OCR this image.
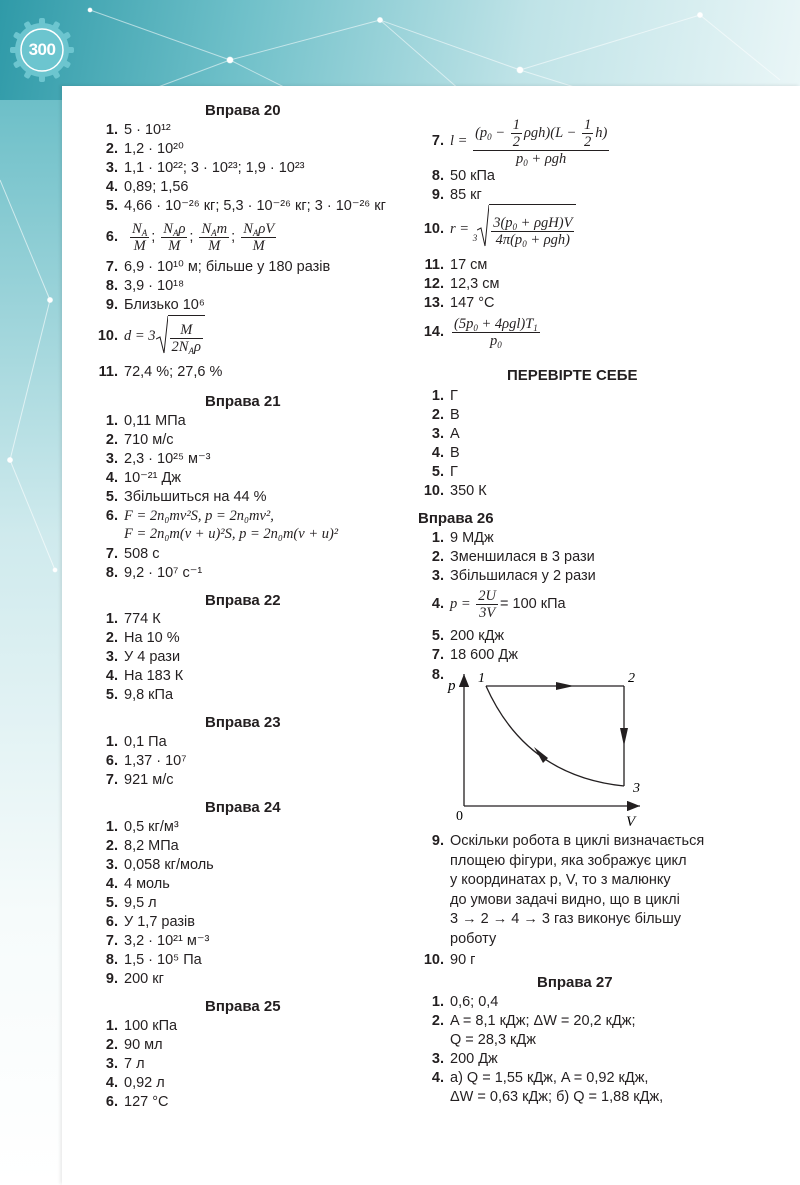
300
Вправа 20
1. 5 · 10¹²
2. 1,2 · 10²⁰
3. 1,1 · 10²²; 3 · 10²³; 1,9 · 10²³
4. 0,89; 1,56
5. 4,66 · 10⁻²⁶ кг; 5,3 · 10⁻²⁶ кг; 3 · 10⁻²⁶ кг
6. $\frac{N_A}{M}$ ;
$N_A\rho$
M
;
$N_Am$
M
;
$N_A\rho V$
M
7. 6,9 · 10¹⁰ м; більше у 180 разів
8. 3,9 · 10¹⁸
9. Близько 10⁶
10. d = 3	M
$2N_A\rho$
11. 72,4 %; 27,6 %
Вправа 21
1. 0,11 МПа
2. 710 м/с
3. 2,3 · 10²⁵ м⁻³
4. 10⁻²¹ Дж
5. Збільшиться на 44 %
6. F = 2n₀mv²S, p = 2n₀mv²,
F = 2n₀m(v + u)²S, p = 2n₀m(v + u)²
7. 508 с
8. 9,2 · 10⁷ с⁻¹
Вправа 22
1. 774 К
2. На 10 %
3. У 4 рази
4. На 183 К
5. 9,8 кПа
Вправа 23
1. 0,1 Па
6. 1,37 · 10⁷
7. 921 м/с
Вправа 24
1. 0,5 кг/м³
2. 8,2 МПа
3. 0,058 кг/моль
4. 4 моль
5. 9,5 л
6. У 1,7 разів
7. 3,2 · 10²¹ м⁻³
8. 1,5 · 10⁵ Па
9. 200 кг
Вправа 25
1. 100 кПа
2. 90 мл
3. 7 л
4. 0,92 л
6. 127 °С
7. l =
$(p_0 - \frac{1}{2} \rho gh)(L - \frac{1}{2} h)$
$p_0 + \rho gh$
8. 50 кПа
9. 85 кг
10. r = $_3$
$3(p_0 + \rho gH)V$
$4\pi(p_0 + \rho gh)$
11. 17 см
12. 12,3 см
13. 147 °С
14. $(5p_0 + 4\rho gl)T_1$
$p_0$
ПЕРЕВІРТЕ СЕБЕ
1. Г
2. В
3. А
4. В
5. Г
10. 350 К
Вправа 26
1. 9 МДж
2. Зменшилася в 3 рази
3. Збільшилася у 2 рази
4. $p = \frac{2U}{3V} = 100$ кПа
5. 200 кДж
7. 18 600 Дж
8.
p
V
0
1	2
3
9. Оскільки робота в циклі визначається
площею фігури, яка зображує цикл
у координатах p, V, то з малюнку
до умови задачі видно, що в циклі
3 → 2 → 4 → 3 газ виконує більшу
роботу
10. 90 г
Вправа 27
1. 0,6; 0,4
2. A = 8,1 кДж; ΔW = 20,2 кДж;
Q = 28,3 кДж
3. 200 Дж
4. а) Q = 1,55 кДж, A = 0,92 кДж,
ΔW = 0,63 кДж; б) Q = 1,88 кДж,
